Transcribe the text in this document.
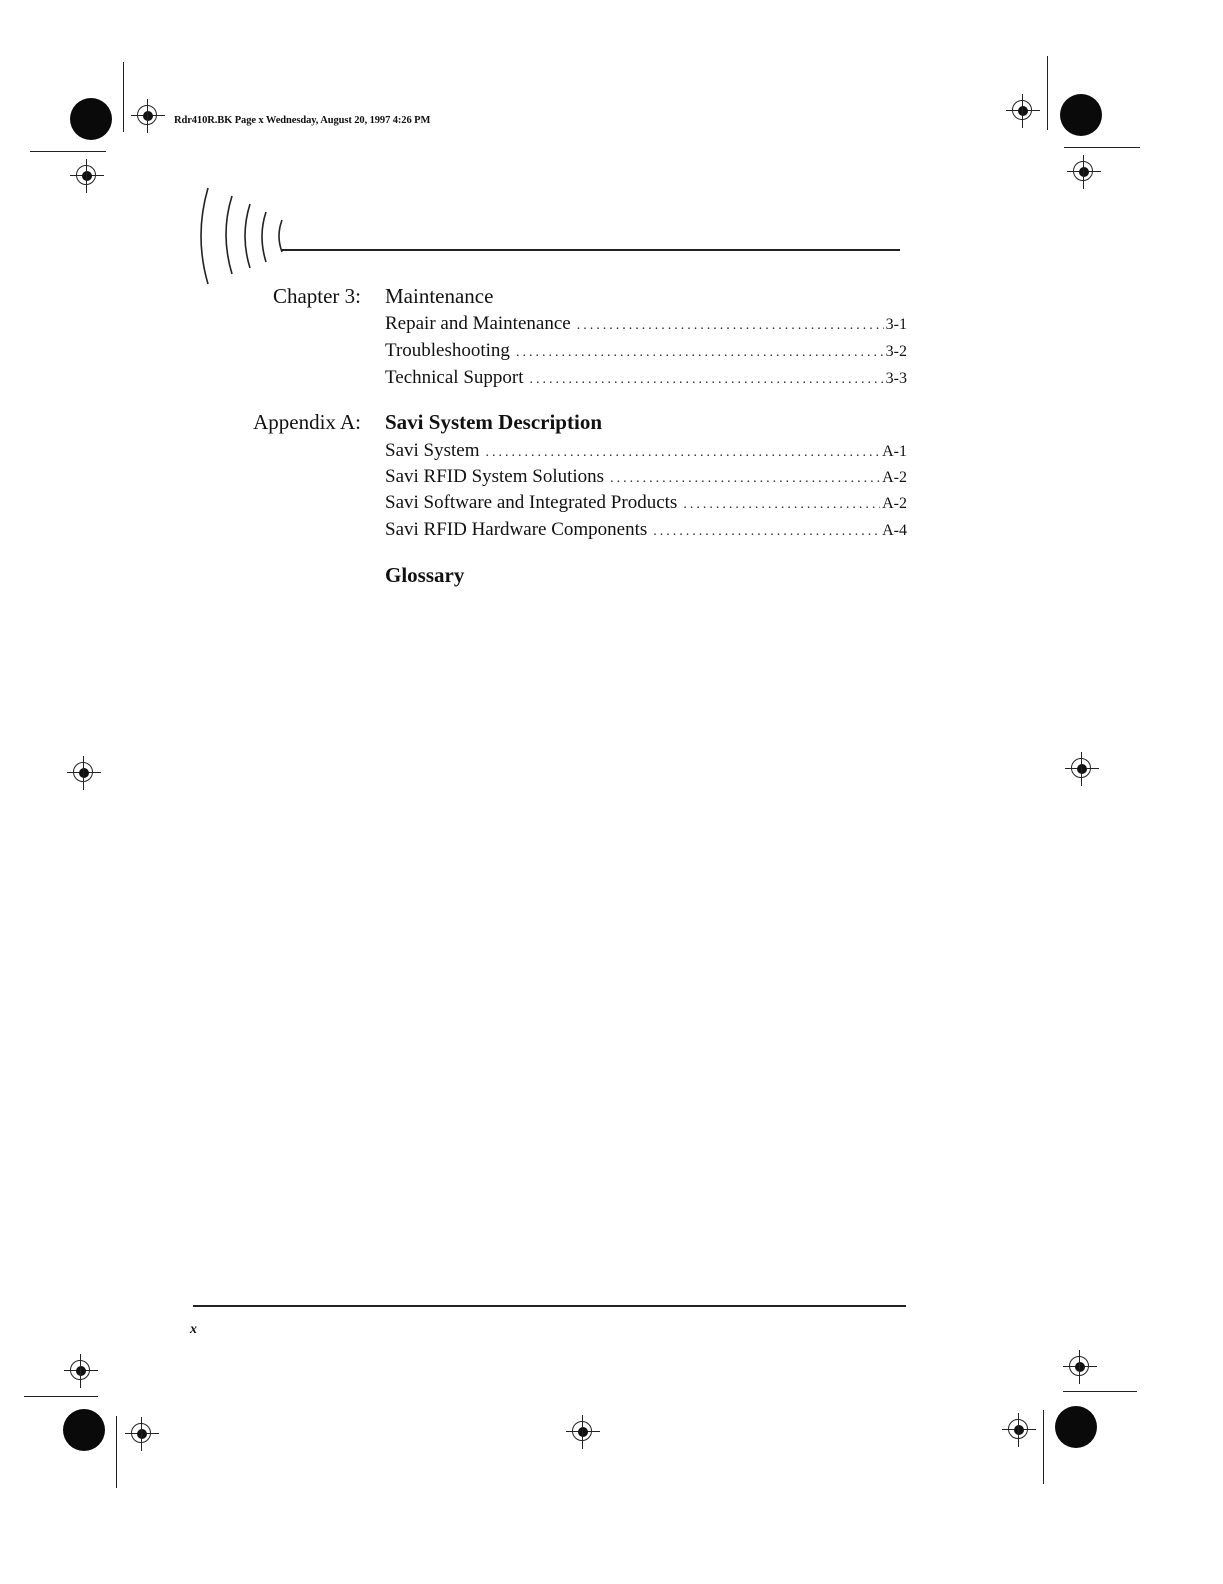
Rdr410R.BK Page x Wednesday, August 20, 1997 4:26 PM
Chapter 3: Maintenance
Repair and Maintenance .....	3-1
Troubleshooting .....	3-2
Technical Support .....	3-3
Appendix A: Savi System Description
Savi System .....	A-1
Savi RFID System Solutions .....	A-2
Savi Software and Integrated Products .....	A-2
Savi RFID Hardware Components .....	A-4
Glossary
x
